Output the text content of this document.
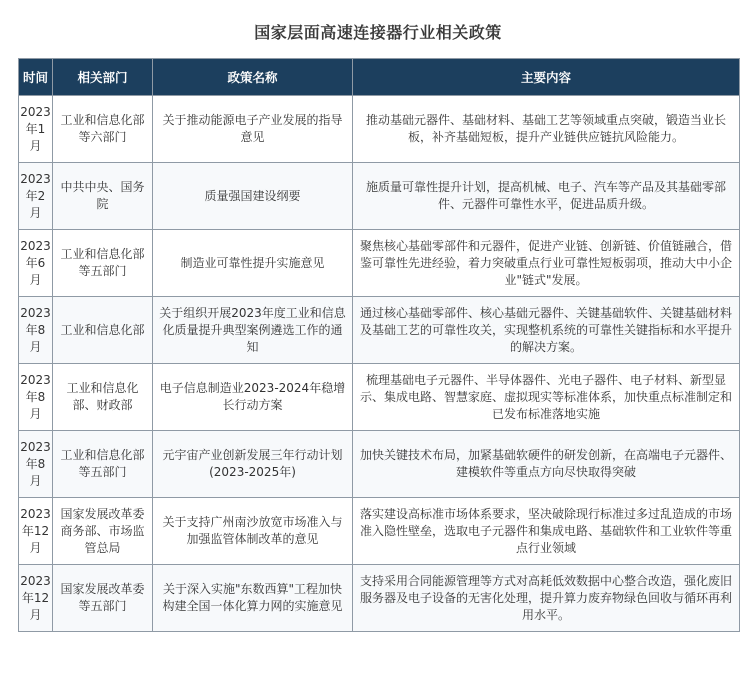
国家层面高速连接器行业相关政策
时间	相关部门	政策名称	主要内容
2023年1月	工业和信息化部等六部门	关于推动能源电子产业发展的指导意见	推动基础元器件、基础材料、基础工艺等领域重点突破，锻造当业长板，补齐基础短板，提升产业链供应链抗风险能力。
2023年2月	中共中央、国务院	质量强国建设纲要	施质量可靠性提升计划，提高机械、电子、汽车等产品及其基础零部件、元器件可靠性水平，促进品质升级。
2023年6月	工业和信息化部等五部门	制造业可靠性提升实施意见	聚焦核心基础零部件和元器件，促进产业链、创新链、价值链融合，借鉴可靠性先进经验，着力突破重点行业可靠性短板弱项，推动大中小企业"链式"发展。
2023年8月	工业和信息化部	关于组织开展2023年度工业和信息化质量提升典型案例遴选工作的通知	通过核心基础零部件、核心基础元器件、关键基础软件、关键基础材料及基础工艺的可靠性攻关，实现整机系统的可靠性关键指标和水平提升的解决方案。
2023年8月	工业和信息化部、财政部	电子信息制造业2023-2024年稳增长行动方案	梳理基础电子元器件、半导体器件、光电子器件、电子材料、新型显示、集成电路、智慧家庭、虚拟现实等标准体系，加快重点标准制定和已发布标准落地实施
2023年8月	工业和信息化部等五部门	元宇宙产业创新发展三年行动计划(2023-2025年)	加快关键技术布局，加紧基础软硬件的研发创新，在高端电子元器件、建模软件等重点方向尽快取得突破
2023年12月	国家发展改革委商务部、市场监管总局	关于支持广州南沙放宽市场准入与加强监管体制改革的意见	落实建设高标准市场体系要求，坚决破除现行标准过多过乱造成的市场准入隐性壁垒，选取电子元器件和集成电路、基础软件和工业软件等重点行业领域
2023年12月	国家发展改革委等五部门	关于深入实施"东数西算"工程加快构建全国一体化算力网的实施意见	支持采用合同能源管理等方式对高耗低效数据中心整合改造，强化废旧服务器及电子设备的无害化处理，提升算力废弃物绿色回收与循环再利用水平。
